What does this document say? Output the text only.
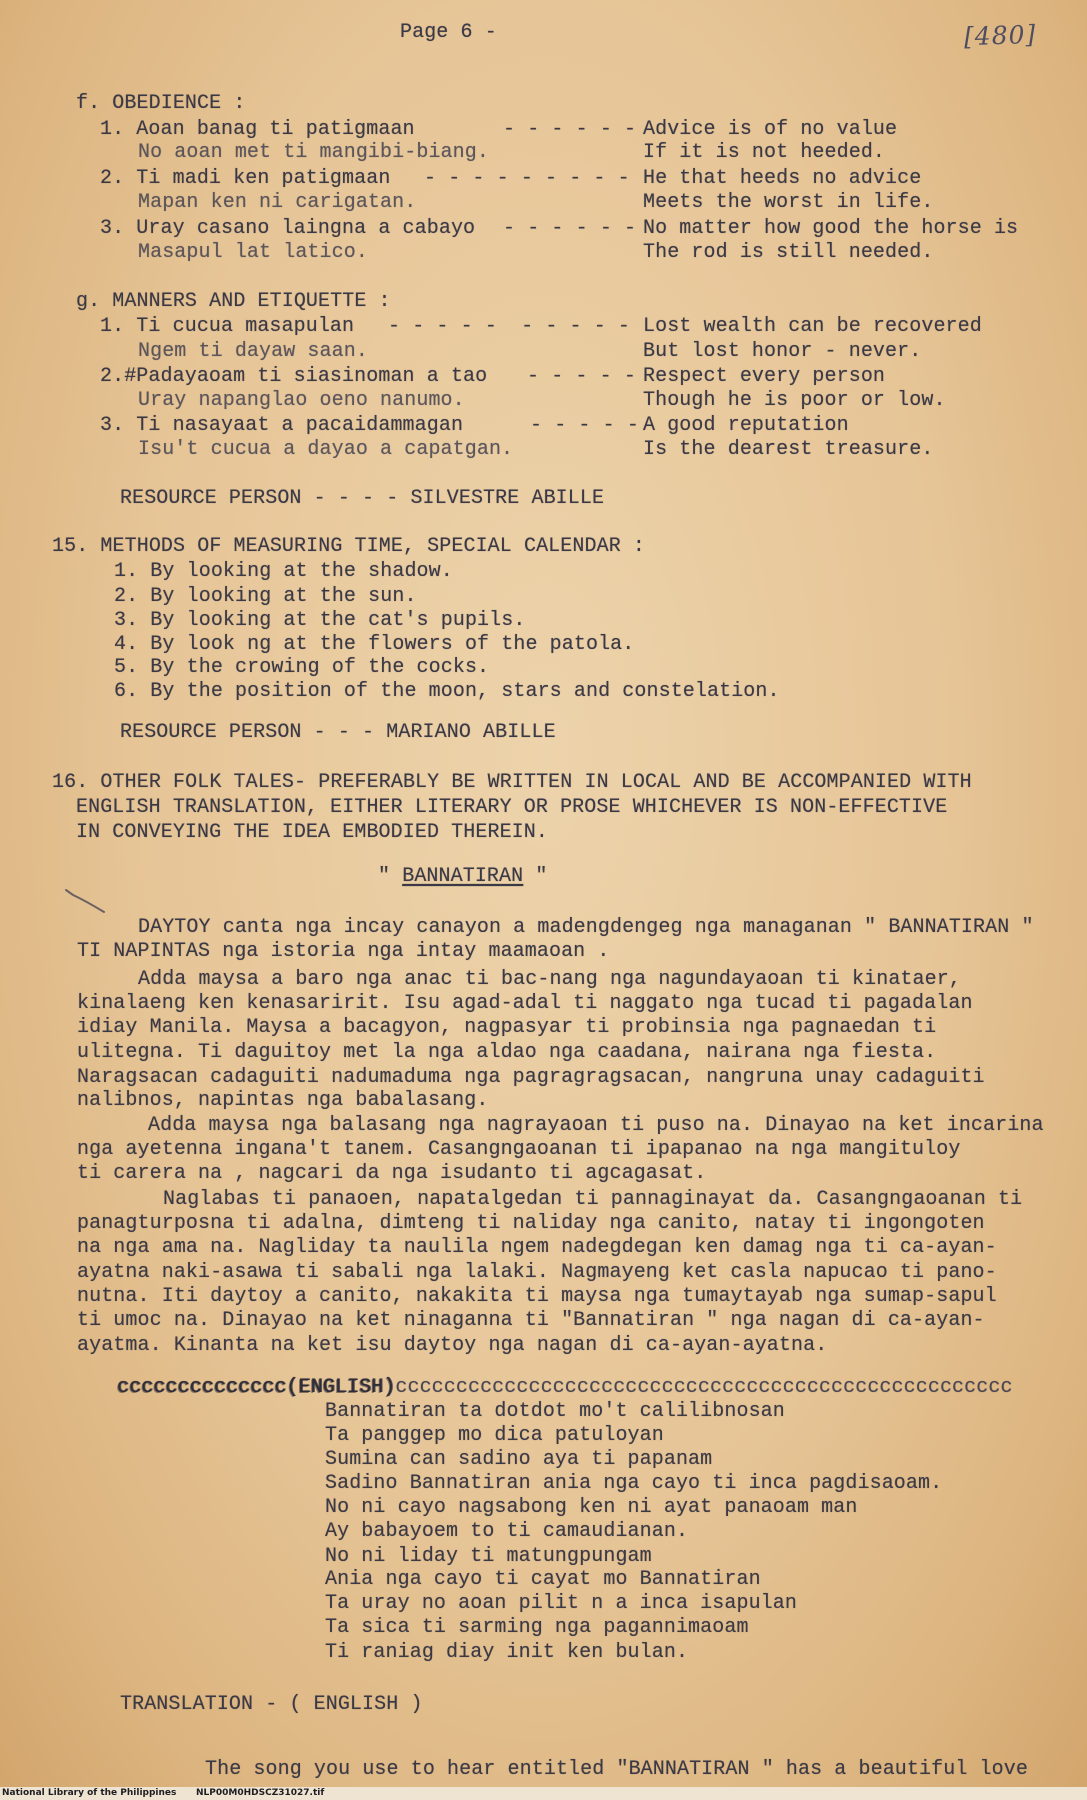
Page 6 -	[480]
f. OBEDIENCE :
1. Aoan banag ti patigmaan	- - - - - - Advice is of no value
No aoan met ti mangibi-biang.	If it is not heeded.
2. Ti madi ken patigmaan - - - - - - - - - He that heeds no advice
Mapan ken ni carigatan.	Meets the worst in life.
3. Uray casano laingna a cabayo - - - - - - No matter how good the horse is
Masapul lat latico.	The rod is still needed.
g. MANNERS AND ETIQUETTE :
1. Ti cucua masapulan - - - - -  - - - - - Lost wealth can be recovered
Ngem ti dayaw saan.	But lost honor - never.
2.#Padayaoam ti siasinoman a tao - - - - - Respect every person
Uray napanglao oeno nanumo.	Though he is poor or low.
3. Ti nasayaat a pacaidammagan	- - - - - A good reputation
Isu't cucua a dayao a capatgan.	Is the dearest treasure.
RESOURCE PERSON - - - - SILVESTRE ABILLE
15. METHODS OF MEASURING TIME, SPECIAL CALENDAR :
1. By looking at the shadow.
2. By looking at the sun.
3. By looking at the cat's pupils.
4. By look ng at the flowers of the patola.
5. By the crowing of the cocks.
6. By the position of the moon, stars and constelation.
RESOURCE PERSON - - - MARIANO ABILLE
16. OTHER FOLK TALES- PREFERABLY BE WRITTEN IN LOCAL AND BE ACCOMPANIED WITH
ENGLISH TRANSLATION, EITHER LITERARY OR PROSE WHICHEVER IS NON-EFFECTIVE
IN CONVEYING THE IDEA EMBODIED THEREIN.
" BANNATIRAN "
DAYTOY canta nga incay canayon a madengdengeg nga managanan " BANNATIRAN "
TI NAPINTAS nga istoria nga intay maamaoan .
Adda maysa a baro nga anac ti bac-nang nga nagundayaoan ti kinataer,
kinalaeng ken kenasaririt. Isu agad-adal ti naggato nga tucad ti pagadalan
idiay Manila. Maysa a bacagyon, nagpasyar ti probinsia nga pagnaedan ti
ulitegna. Ti daguitoy met la nga aldao nga caadana, nairana nga fiesta.
Naragsacan cadaguiti nadumaduma nga pagragragsacan, nangruna unay cadaguiti
nalibnos, napintas nga babalasang.
Adda maysa nga balasang nga nagrayaoan ti puso na. Dinayao na ket incarina
nga ayetenna ingana't tanem. Casangngaoanan ti ipapanao na nga mangituloy
ti carera na , nagcari da nga isudanto ti agcagasat.
Naglabas ti panaoen, napatalgedan ti pannaginayat da. Casangngaoanan ti
panagturposna ti adalna, dimteng ti naliday nga canito, natay ti ingongoten
na nga ama na. Nagliday ta naulila ngem nadegdegan ken damag nga ti ca-ayan-
ayatna naki-asawa ti sabali nga lalaki. Nagmayeng ket casla napucao ti pano-
nutna. Iti daytoy a canito, nakakita ti maysa nga tumaytayab nga sumap-sapul
ti umoc na. Dinayao na ket ninaganna ti "Bannatiran " nga nagan di ca-ayan-
ayatma. Kinanta na ket isu daytoy nga nagan di ca-ayan-ayatna.
cccccccccccccc(ENGLISH)ccccccccccccccccccccccccccccccccccccccccccccccccccc
Bannatiran ta dotdot mo't calilibnosan
Ta panggep mo dica patuloyan
Sumina can sadino aya ti papanam
Sadino Bannatiran ania nga cayo ti inca pagdisaoam.
No ni cayo nagsabong ken ni ayat panaoam man
Ay babayoem to ti camaudianan.
No ni liday ti matungpungam
Ania nga cayo ti cayat mo Bannatiran
Ta uray no aoan pilit n a inca isapulan
Ta sica ti sarming nga pagannimaoam
Ti raniag diay init ken bulan.
TRANSLATION - ( ENGLISH )
The song you use to hear entitled "BANNATIRAN " has a beautiful love
National Library of the Philippines NLP00M0HDSCZ31027.tif
